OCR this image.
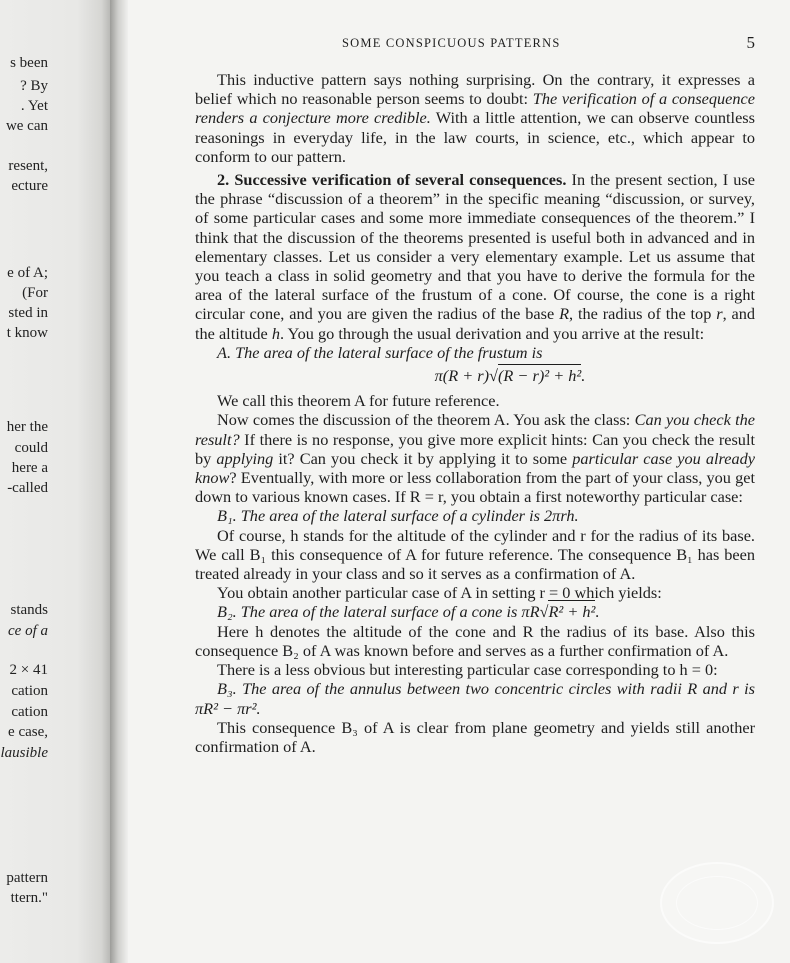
s been
? By
. Yet
we can
resent,
ecture
e of A;
(For
sted in
t know
her the
could
here a
-called
stands
ce of a
2 × 41
cation
cation
e case,
lausible
pattern
ttern."
SOME CONSPICUOUS PATTERNS	5

This inductive pattern says nothing surprising. On the contrary, it expresses a belief which no reasonable person seems to doubt: The verification of a consequence renders a conjecture more credible. With a little attention, we can observe countless reasonings in everyday life, in the law courts, in science, etc., which appear to conform to our pattern.

2. Successive verification of several consequences. In the present section, I use the phrase “discussion of a theorem” in the specific meaning “discussion, or survey, of some particular cases and some more immediate consequences of the theorem.” I think that the discussion of the theorems presented is useful both in advanced and in elementary classes. Let us consider a very elementary example. Let us assume that you teach a class in solid geometry and that you have to derive the formula for the area of the lateral surface of the frustum of a cone. Of course, the cone is a right circular cone, and you are given the radius of the base R, the radius of the top r, and the altitude h. You go through the usual derivation and you arrive at the result:

A. The area of the lateral surface of the frustum is

π(R + r)√(R − r)² + h².

We call this theorem A for future reference.

Now comes the discussion of the theorem A. You ask the class: Can you check the result? If there is no response, you give more explicit hints: Can you check the result by applying it? Can you check it by applying it to some particular case you already know? Eventually, with more or less collaboration from the part of your class, you get down to various known cases. If R = r, you obtain a first noteworthy particular case:

B₁. The area of the lateral surface of a cylinder is 2πrh.

Of course, h stands for the altitude of the cylinder and r for the radius of its base. We call B₁ this consequence of A for future reference. The consequence B₁ has been treated already in your class and so it serves as a confirmation of A.

You obtain another particular case of A in setting r = 0 which yields:

B₂. The area of the lateral surface of a cone is πR√R² + h².

Here h denotes the altitude of the cone and R the radius of its base. Also this consequence B₂ of A was known before and serves as a further confirmation of A.

There is a less obvious but interesting particular case corresponding to h = 0:

B₃. The area of the annulus between two concentric circles with radii R and r is πR² − πr².

This consequence B₃ of A is clear from plane geometry and yields still another confirmation of A.
